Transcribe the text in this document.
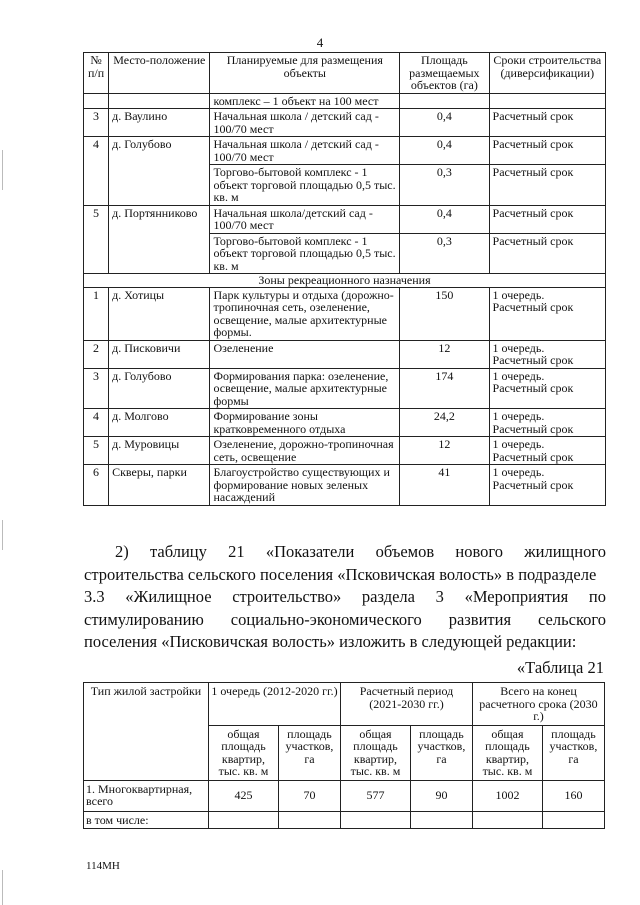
4
№ п/п	Место-положение	Планируемые для размещения объекты	Площадь размещаемых объектов (га)	Сроки строительства (диверсификации)
		комплекс – 1 объект на 100 мест		
3	д. Ваулино	Начальная школа / детский сад - 100/70 мест	0,4	Расчетный срок
4	д. Голубово	Начальная школа / детский сад - 100/70 мест	0,4	Расчетный срок
		Торгово-бытовой комплекс - 1 объект торговой площадью 0,5 тыс. кв. м	0,3	Расчетный срок
5	д. Портянниково	Начальная школа/детский сад - 100/70 мест	0,4	Расчетный срок
		Торгово-бытовой комплекс - 1 объект торговой площадью 0,5 тыс. кв. м	0,3	Расчетный срок
Зоны рекреационного назначения				
1	д. Хотицы	Парк культуры и отдыха (дорожно-тропиночная сеть, озеленение, освещение, малые архитектурные формы.	150	1 очередь.
Расчетный срок

2	д. Писковичи	Озеленение	12	1 очередь.
Расчетный срок

3	д. Голубово	Формирования парка: озеленение, освещение, малые архитектурные формы	174	1 очередь.
Расчетный срок

4	д. Молгово	Формирование зоны кратковременного отдыха	24,2	1 очередь.
Расчетный срок

5	д. Муровицы	Озеленение, дорожно-тропиночная сеть, освещение	12	1 очередь.
Расчетный срок

6	Скверы, парки	Благоустройство существующих и формирование новых зеленых насаждений	41	1 очередь.
Расчетный срок
2) таблицу 21 «Показатели объемов нового жилищного
строительства сельского поселения «Псковичская волость» в подразделе
3.3 «Жилищное строительство» раздела 3 «Мероприятия по
стимулированию социально-экономического развития сельского
поселения «Писковичская волость» изложить в следующей редакции:
«Таблица 21
Тип жилой застройки	1 очередь (2012-2020 гг.)		Расчетный период (2021-2030 гг.)		Всего на конец расчетного срока (2030 г.)	
	общая площадь квартир, тыс. кв. м	площадь участков, га	общая площадь квартир, тыс. кв. м	площадь участков, га	общая площадь квартир, тыс. кв. м	площадь участков, га
1. Многоквартирная, всего	425	70	577	90	1002	160
в том числе:						
114МН
